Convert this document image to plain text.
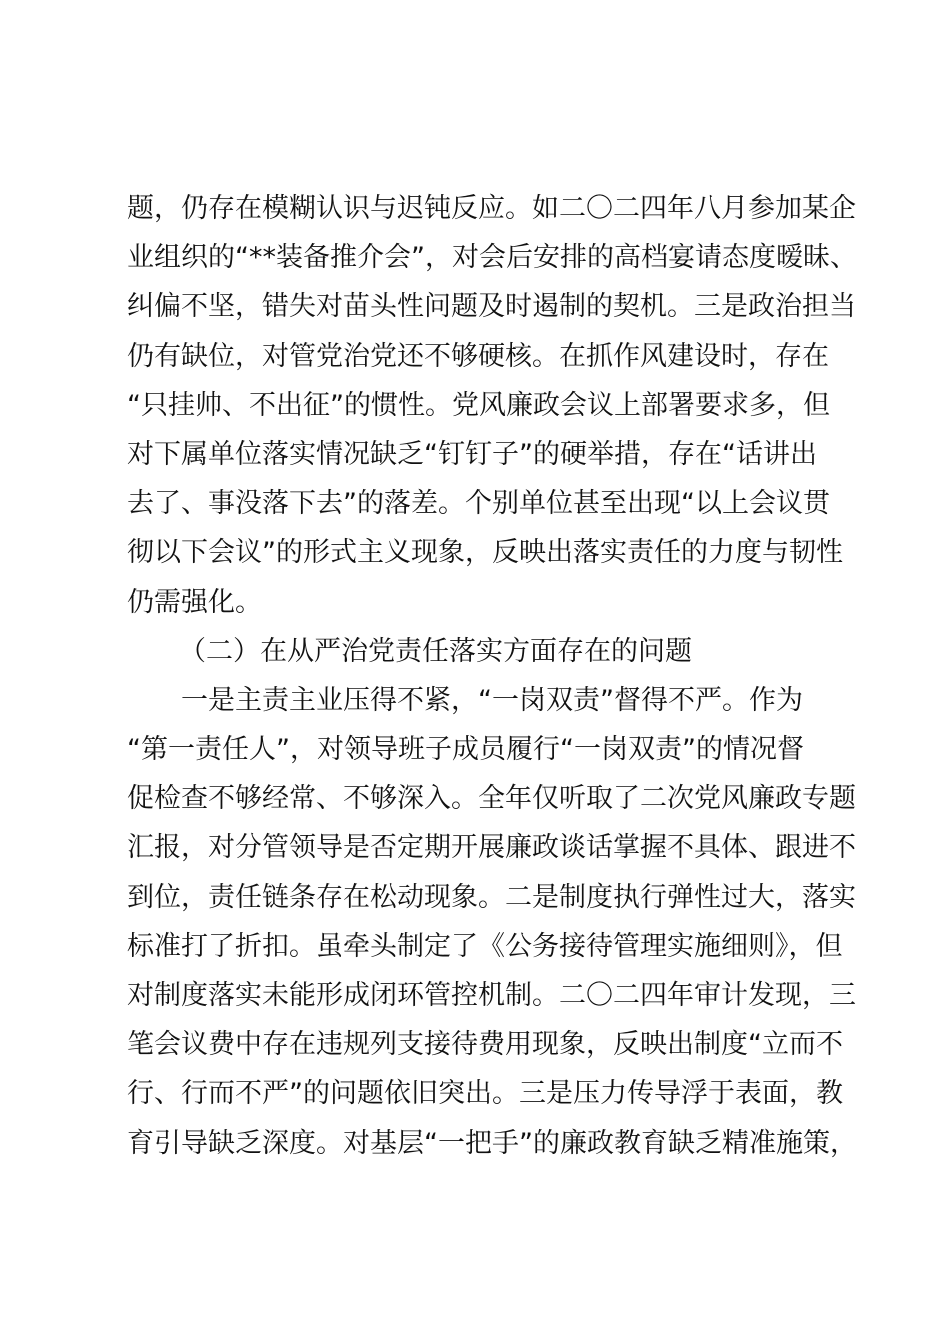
题，仍存在模糊认识与迟钝反应。如二〇二四年八月参加某企
业组织的“**装备推介会”，对会后安排的高档宴请态度暧昧、
纠偏不坚，错失对苗头性问题及时遏制的契机。三是政治担当
仍有缺位，对管党治党还不够硬核。在抓作风建设时，存在
“只挂帅、不出征”的惯性。党风廉政会议上部署要求多，但
对下属单位落实情况缺乏“钉钉子”的硬举措，存在“话讲出
去了、事没落下去”的落差。个别单位甚至出现“以上会议贯
彻以下会议”的形式主义现象，反映出落实责任的力度与韧性
仍需强化。
（二）在从严治党责任落实方面存在的问题
一是主责主业压得不紧，“一岗双责”督得不严。作为
“第一责任人”，对领导班子成员履行“一岗双责”的情况督
促检查不够经常、不够深入。全年仅听取了二次党风廉政专题
汇报，对分管领导是否定期开展廉政谈话掌握不具体、跟进不
到位，责任链条存在松动现象。二是制度执行弹性过大，落实
标准打了折扣。虽牵头制定了《公务接待管理实施细则》，但
对制度落实未能形成闭环管控机制。二〇二四年审计发现，三
笔会议费中存在违规列支接待费用现象，反映出制度“立而不
行、行而不严”的问题依旧突出。三是压力传导浮于表面，教
育引导缺乏深度。对基层“一把手”的廉政教育缺乏精准施策，
